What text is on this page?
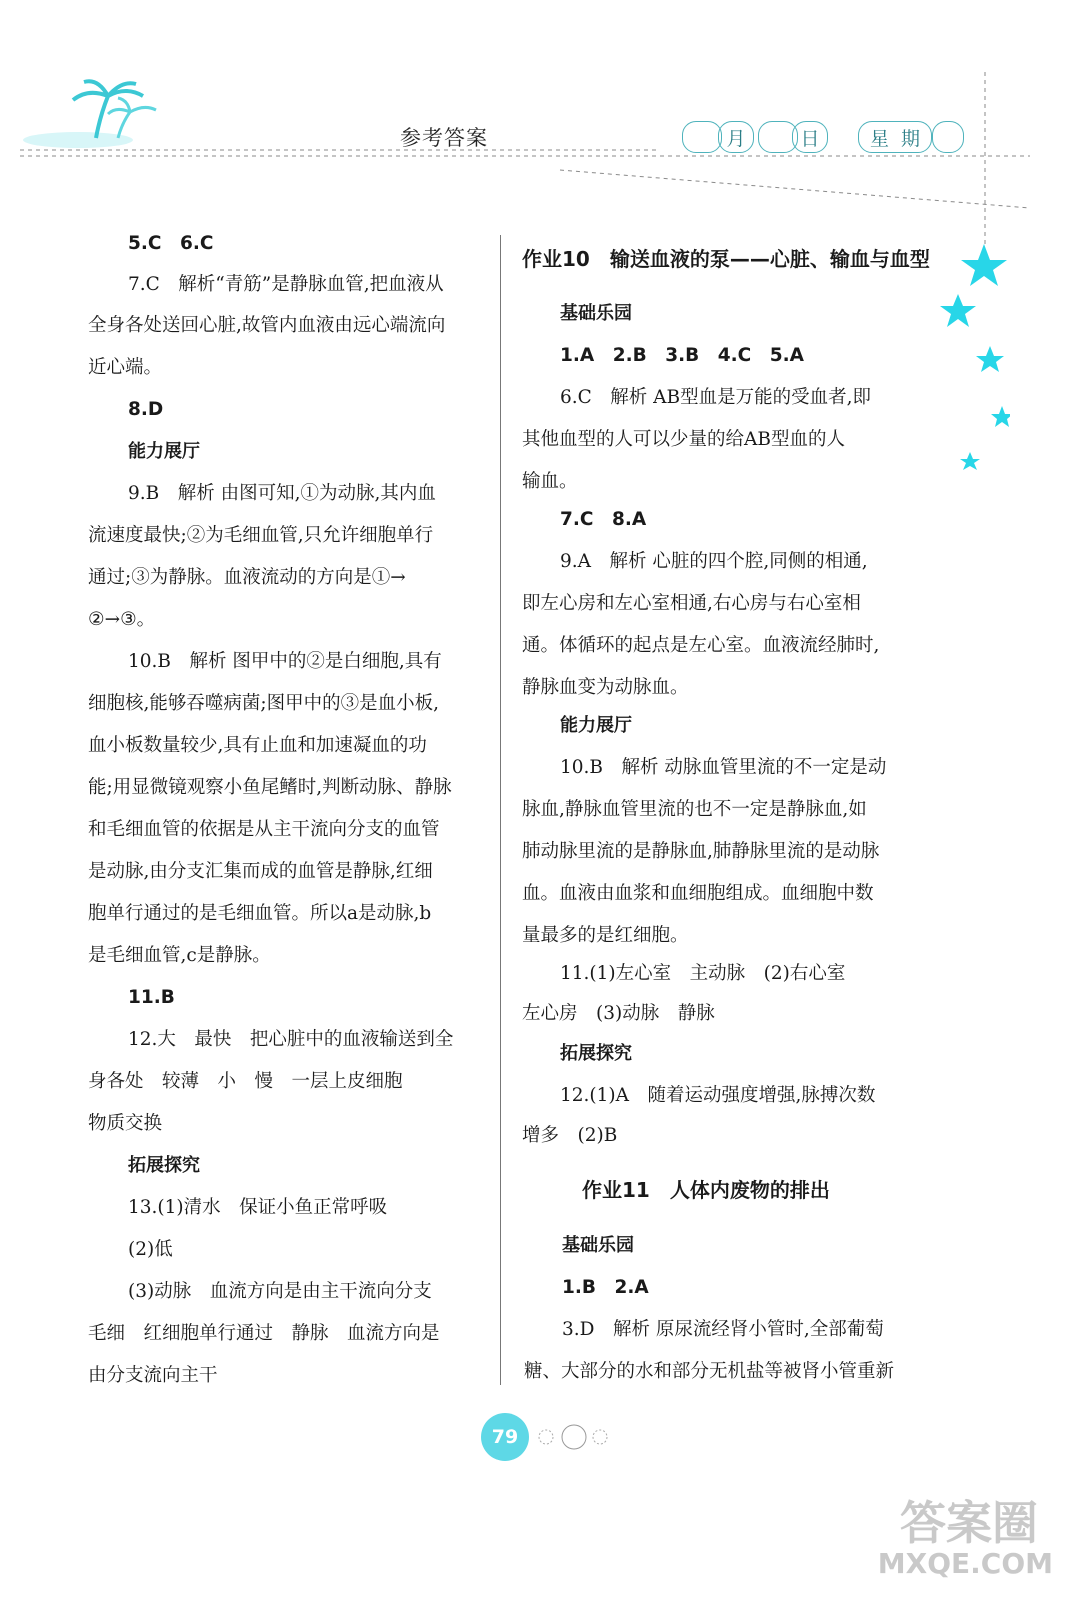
参考答案	月	日	星
期
5.C　6.C
7.C　解析“青筋”是静脉血管,把血液从
全身各处送回心脏,故管内血液由远心端流向
近心端。
8.D
能力展厅
9.B　解析 由图可知,①为动脉,其内血
流速度最快;②为毛细血管,只允许细胞单行
通过;③为静脉。血液流动的方向是①→
②→③。
10.B　解析 图甲中的②是白细胞,具有
细胞核,能够吞噬病菌;图甲中的③是血小板,
血小板数量较少,具有止血和加速凝血的功
能;用显微镜观察小鱼尾鳍时,判断动脉、静脉
和毛细血管的依据是从主干流向分支的血管
是动脉,由分支汇集而成的血管是静脉,红细
胞单行通过的是毛细血管。所以a是动脉,b
是毛细血管,c是静脉。
11.B
12.大　最快　把心脏中的血液输送到全
身各处　较薄　小　慢　一层上皮细胞
物质交换
拓展探究
13.(1)清水　保证小鱼正常呼吸
(2)低
(3)动脉　血流方向是由主干流向分支
毛细　红细胞单行通过　静脉　血流方向是
由分支流向主干
作业10　输送血液的泵——心脏、输血与血型
基础乐园
1.A　2.B　3.B　4.C　5.A
6.C　解析 AB型血是万能的受血者,即
其他血型的人可以少量的给AB型血的人
输血。
7.C　8.A
9.A　解析 心脏的四个腔,同侧的相通,
即左心房和左心室相通,右心房与右心室相
通。体循环的起点是左心室。血液流经肺时,
静脉血变为动脉血。
能力展厅
10.B　解析 动脉血管里流的不一定是动
脉血,静脉血管里流的也不一定是静脉血,如
肺动脉里流的是静脉血,肺静脉里流的是动脉
血。血液由血浆和血细胞组成。血细胞中数
量最多的是红细胞。
11.(1)左心室　主动脉　(2)右心室
左心房　(3)动脉　静脉
拓展探究
12.(1)A　随着运动强度增强,脉搏次数
增多　(2)B
作业11　人体内废物的排出
基础乐园
1.B　2.A
3.D　解析 原尿流经肾小管时,全部葡萄
糖、大部分的水和部分无机盐等被肾小管重新
79
答案圈
MXQE.COM
